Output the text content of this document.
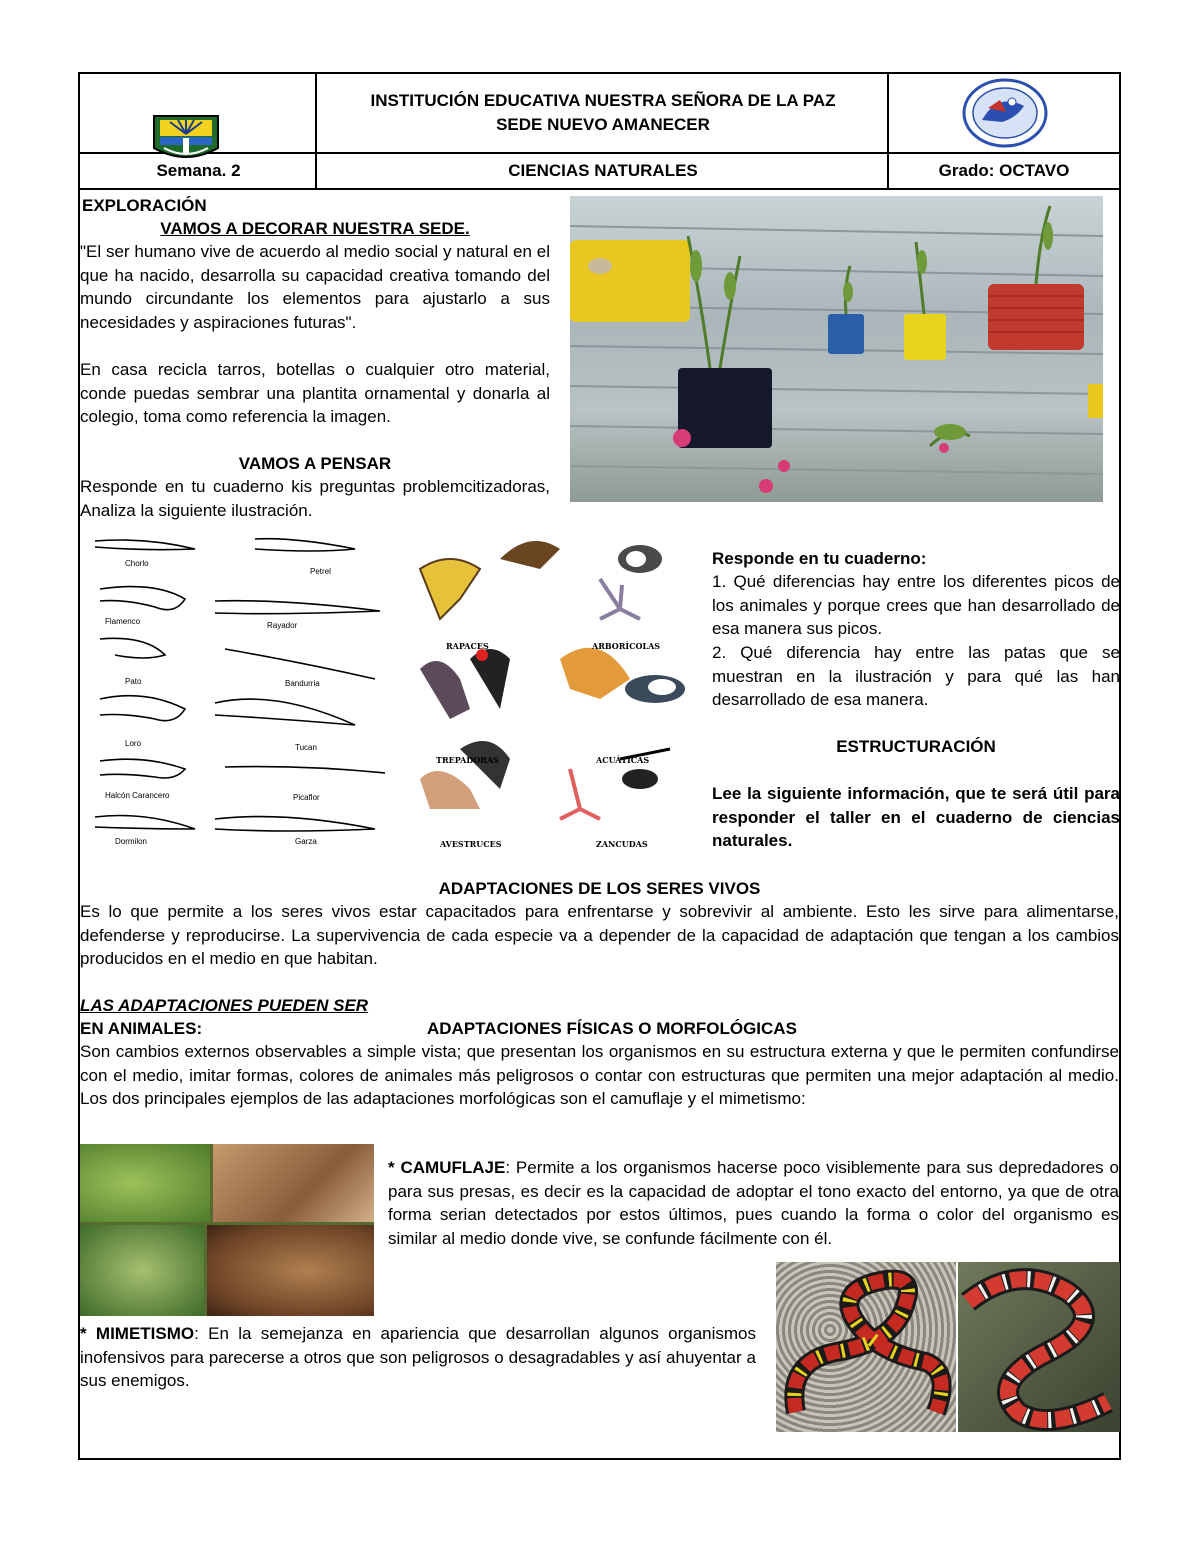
INSTITUCIÓN EDUCATIVA NUESTRA SEÑORA DE LA PAZ
SEDE NUEVO AMANECER
Semana. 2	CIENCIAS NATURALES	Grado: OCTAVO
EXPLORACIÓN
VAMOS A DECORAR NUESTRA SEDE.
"El ser humano vive de acuerdo al medio social y natural en el que ha nacido, desarrolla su capacidad creativa tomando del mundo circundante los elementos para ajustarlo a sus necesidades y aspiraciones futuras".
En casa recicla tarros, botellas o cualquier otro material, conde puedas sembrar una plantita ornamental y donarla al colegio, toma como referencia la imagen.
VAMOS A PENSAR
Responde en tu cuaderno kis preguntas problemcitizadoras, Analiza la siguiente ilustración.
Chorlo
Petrel
Flamenco	Rayador
Pato	Bandurria
Loro	Tucan
Halcón Carancero	Picaflor
Dormilon	Garza
RAPACES	ARBORÍCOLAS
TREPADORAS	ACUÁTICAS
AVESTRUCES	ZANCUDAS
Responde en tu cuaderno:
1. Qué diferencias hay entre los diferentes picos de los animales y porque crees que han desarrollado de esa manera sus picos.
2. Qué diferencia hay entre las patas que se muestran en la ilustración y para qué las han desarrollado de esa manera.
ESTRUCTURACIÓN
Lee la siguiente información, que te será útil para responder el taller en el cuaderno de ciencias naturales.
ADAPTACIONES DE LOS SERES VIVOS
Es lo que permite a los seres vivos estar capacitados para enfrentarse y sobrevivir al ambiente. Esto les sirve para alimentarse, defenderse y reproducirse. La supervivencia de cada especie va a depender de la capacidad de adaptación que tengan a los cambios producidos en el medio en que habitan.
LAS ADAPTACIONES PUEDEN SER
EN ANIMALES:	ADAPTACIONES FÍSICAS O MORFOLÓGICAS
Son cambios externos observables a simple vista; que presentan los organismos en su estructura externa y que le permiten confundirse con el medio, imitar formas, colores de animales más peligrosos o contar con estructuras que permiten una mejor adaptación al medio. Los dos principales ejemplos de las adaptaciones morfológicas son el camuflaje y el mimetismo:
* CAMUFLAJE: Permite a los organismos hacerse poco visiblemente para sus depredadores o para sus presas, es decir es la capacidad de adoptar el tono exacto del entorno, ya que de otra forma serian detectados por estos últimos, pues cuando la forma o color del organismo es similar al medio donde vive, se confunde fácilmente con él.
* MIMETISMO: En la semejanza en apariencia que desarrollan algunos organismos inofensivos para parecerse a otros que son peligrosos o desagradables y así ahuyentar a sus enemigos.
